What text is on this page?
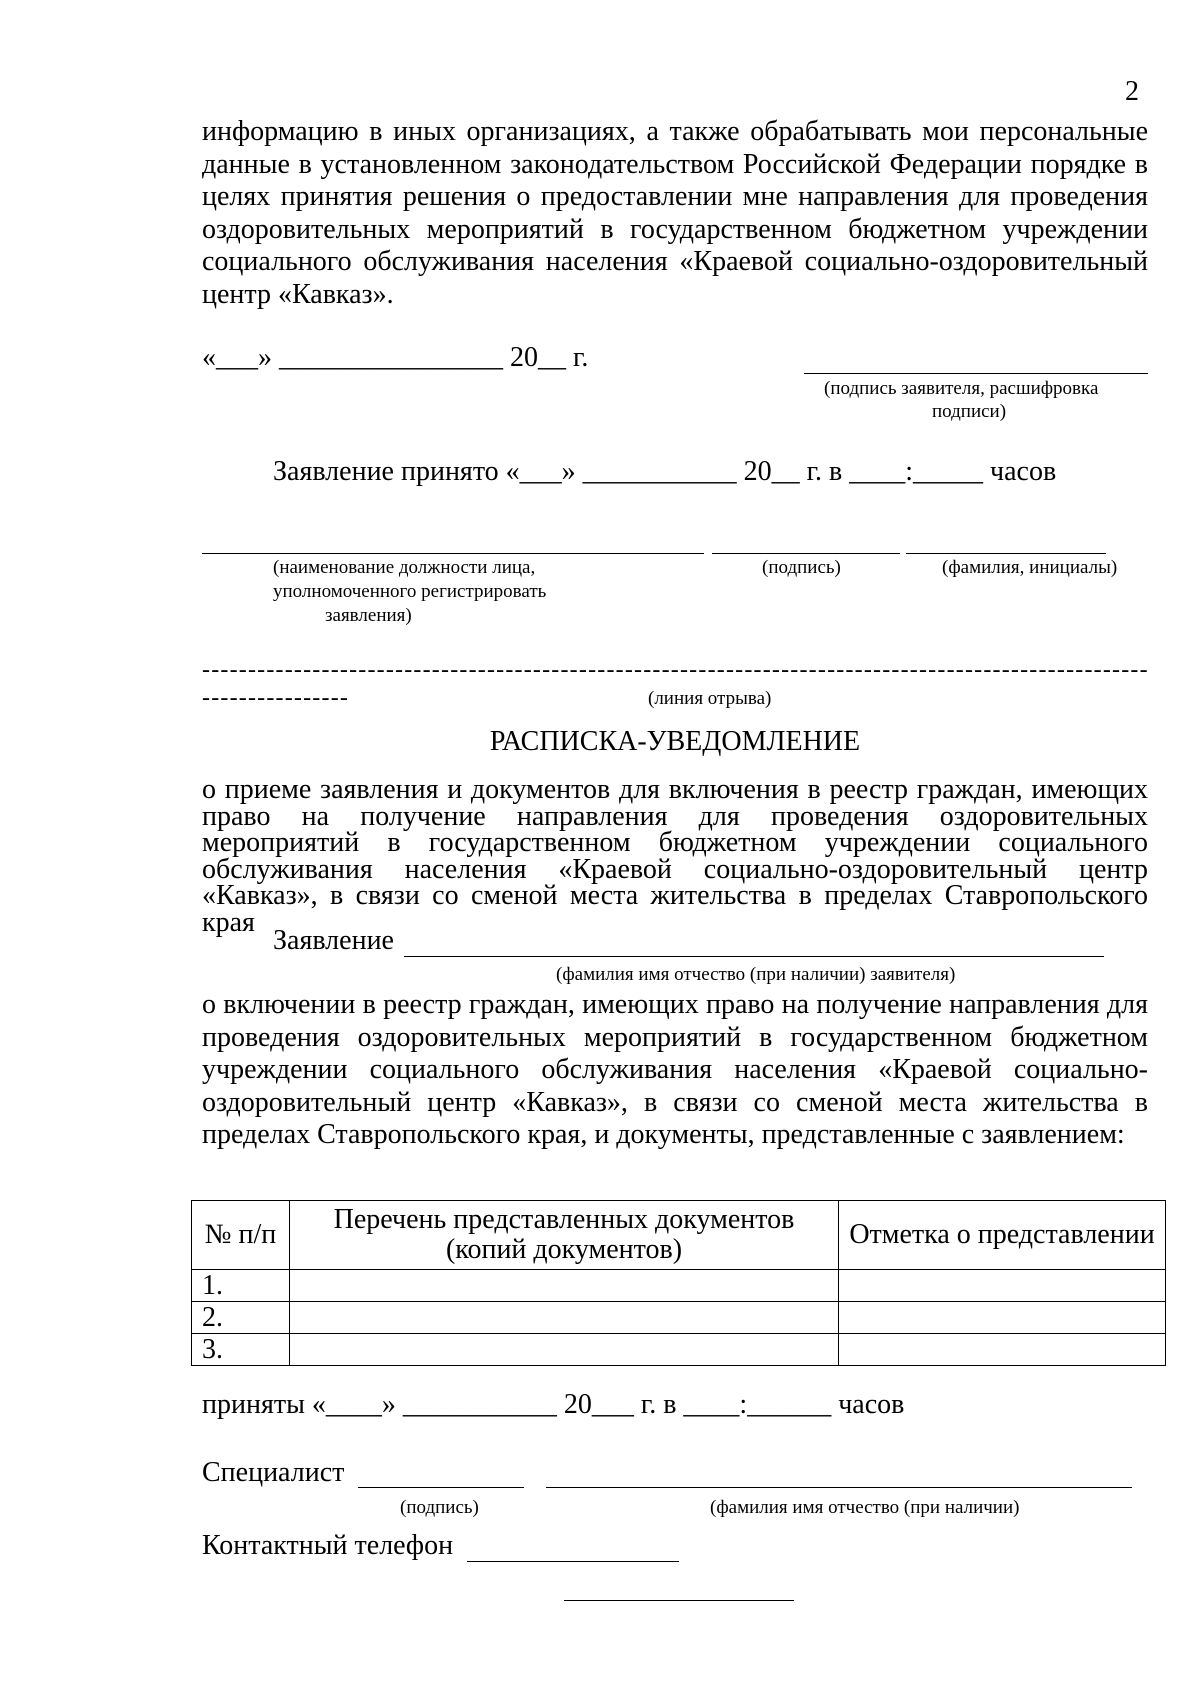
2
информацию в иных организациях, а также обрабатывать мои персональные данные в установленном законодательством Российской Федерации порядке в целях принятия решения о предоставлении мне направления для проведения оздоровительных мероприятий в государственном бюджетном учреждении социального обслуживания населения «Краевой социально-оздоровительный центр «Кавказ».
«___» ________________ 20__ г.
(подпись заявителя, расшифровка
подписи)
Заявление принято «___» ___________ 20__ г. в ____:_____ часов
(наименование должности лица,
уполномоченного регистрировать
заявления)
(подпись)	(фамилия, инициалы)
-----------------------------------------------------------------------------------------------------------------------	(линия отрыва)
РАСПИСКА-УВЕДОМЛЕНИЕ
о приеме заявления и документов для включения в реестр граждан, имеющих право на получение направления для проведения оздоровительных мероприятий в государственном бюджетном учреждении социального обслуживания населения «Краевой социально-оздоровительный центр «Кавказ», в связи со сменой места жительства в пределах Ставропольского края
Заявление
(фамилия имя отчество (при наличии) заявителя)
о включении в реестр граждан, имеющих право на получение направления для проведения оздоровительных мероприятий в государственном бюджетном учреждении социального обслуживания населения «Краевой социально-оздоровительный центр «Кавказ», в связи со сменой места жительства в пределах Ставропольского края, и документы, представленные с заявлением:
№ п/п	Перечень представленных документов (копий документов)	Отметка о представлении
1.		
2.		
3.		
приняты «____» ___________ 20___ г. в ____:______ часов
Специалист
(подпись)	(фамилия имя отчество (при наличии)
Контактный телефон
